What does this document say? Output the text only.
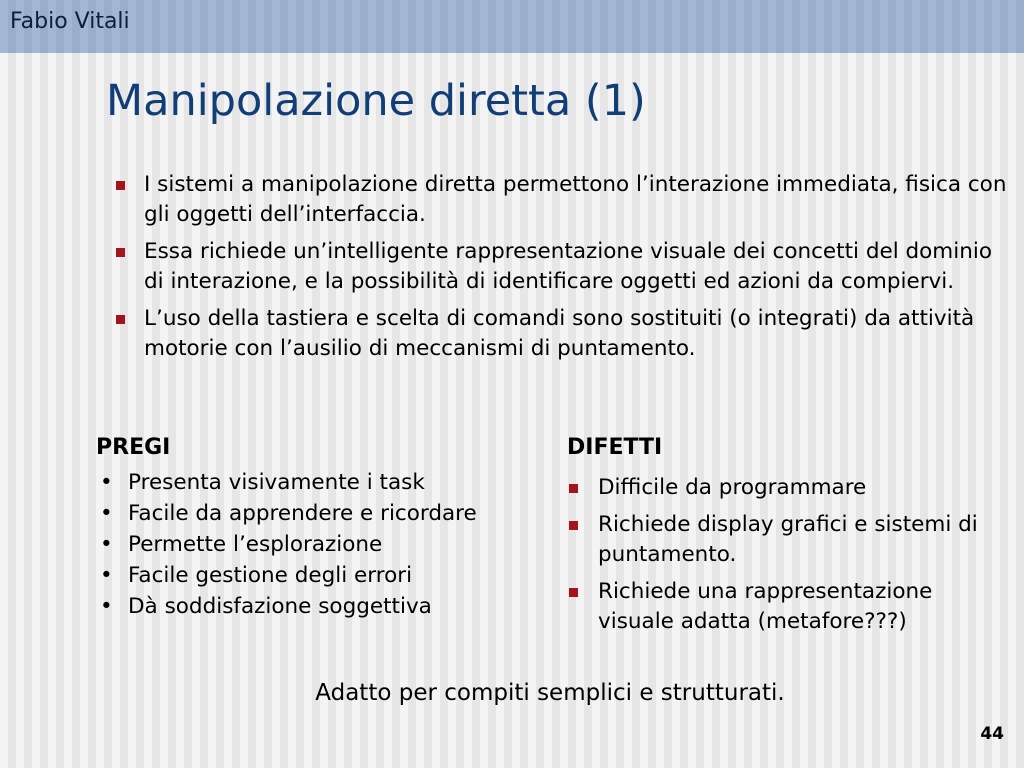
Fabio Vitali
Manipolazione diretta (1)
I sistemi a manipolazione diretta permettono l’interazione immediata, fisica con gli oggetti dell’interfaccia.
Essa richiede un’intelligente rappresentazione visuale dei concetti del dominio di interazione, e la possibilità di identificare oggetti ed azioni da compiervi.
L’uso della tastiera e scelta di comandi sono sostituiti (o integrati) da attività motorie con l’ausilio di meccanismi di puntamento.
PREGI
• Presenta visivamente i task
• Facile da apprendere e ricordare
• Permette l’esplorazione
• Facile gestione degli errori
• Dà soddisfazione soggettiva
DIFETTI
Difficile da programmare
Richiede display grafici e sistemi di puntamento.
Richiede una rappresentazione visuale adatta (metafore???)
Adatto per compiti semplici e strutturati.
44
